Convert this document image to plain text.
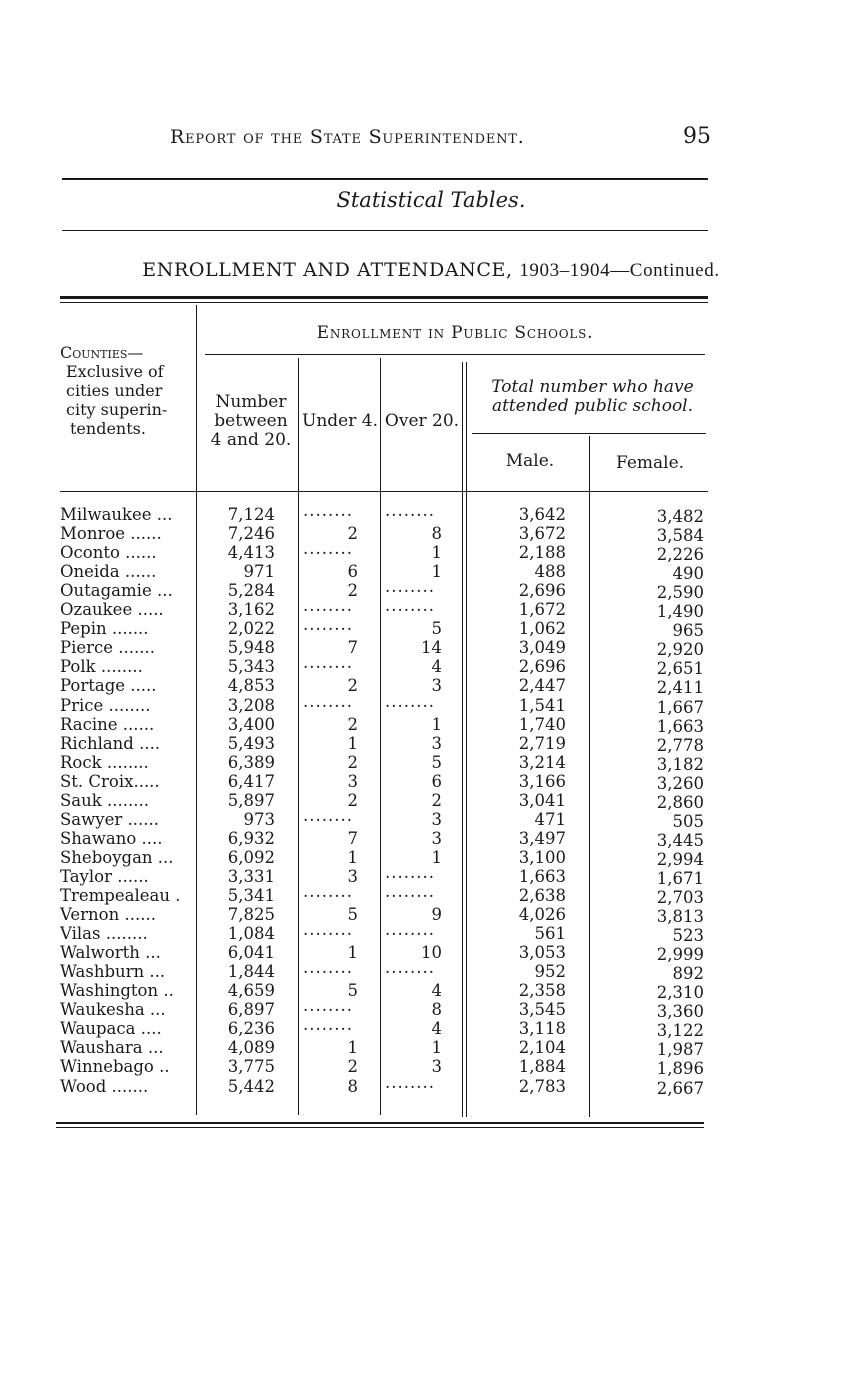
Report of the State Superintendent.	95
Statistical Tables.
ENROLLMENT AND ATTENDANCE, 1903–1904—Continued.
Counties—
Exclusive of
cities under
city superin-
tendents.
Enrollment in Public Schools.
Number
between
4 and 20.
Under 4. Over 20.
Total number who have
attended public school.
Male.	Female.
Milwaukee ...	7,124 ........ ........	3,642	3,482
Monroe ......	7,246	2	8	3,672	3,584
Oconto ......	4,413 ........	1	2,188	2,226
Oneida ......	971	6	1	488	490
Outagamie ...	5,284	2 ........	2,696	2,590
Ozaukee .....	3,162 ........ ........	1,672	1,490
Pepin .......	2,022 ........	5	1,062	965
Pierce .......	5,948	7	14	3,049	2,920
Polk ........	5,343 ........	4	2,696	2,651
Portage .....	4,853	2	3	2,447	2,411
Price ........	3,208 ........ ........	1,541	1,667
Racine ......	3,400	2	1	1,740	1,663
Richland ....	5,493	1	3	2,719	2,778
Rock ........	6,389	2	5	3,214	3,182
St. Croix.....	6,417	3	6	3,166	3,260
Sauk ........	5,897	2	2	3,041	2,860
Sawyer ......	973 ........	3	471	505
Shawano ....	6,932	7	3	3,497	3,445
Sheboygan ...	6,092	1	1	3,100	2,994
Taylor ......	3,331	3 ........	1,663	1,671
Trempealeau .	5,341 ........ ........	2,638	2,703
Vernon ......	7,825	5	9	4,026	3,813
Vilas ........	1,084 ........ ........	561	523
Walworth ...	6,041	1	10	3,053	2,999
Washburn ...	1,844 ........ ........	952	892
Washington ..	4,659	5	4	2,358	2,310
Waukesha ...	6,897 ........	8	3,545	3,360
Waupaca ....	6,236 ........	4	3,118	3,122
Waushara ...	4,089	1	1	2,104	1,987
Winnebago ..	3,775	2	3	1,884	1,896
Wood .......	5,442	8 ........	2,783	2,667
